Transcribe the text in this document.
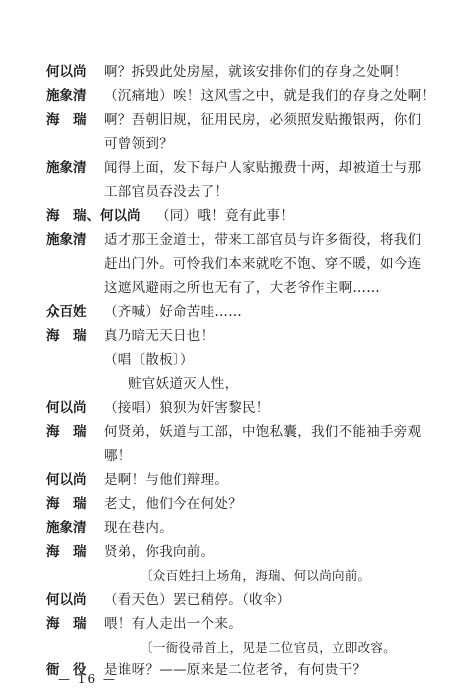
何以尚	啊？拆毁此处房屋，就该安排你们的存身之处啊！
施象清	（沉痛地）唉！这风雪之中，就是我们的存身之处啊！
海　瑞	啊？吾朝旧规，征用民房，必须照发贴搬银两，你们
可曾领到？
施象清	闻得上面，发下每户人家贴搬费十两，却被道士与那
工部官员吞没去了！
海　瑞、何以尚	（同）哦！竟有此事！
施象清	适才那王金道士，带来工部官员与许多衙役，将我们
赶出门外。可怜我们本来就吃不饱、穿不暖，如今连
这遮风避雨之所也无有了，大老爷作主啊……
众百姓	（齐喊）好命苦哇……
海　瑞	真乃暗无天日也！
（唱〔散板〕）
赃官妖道灭人性，
何以尚	（接唱）狼狈为奸害黎民！
海　瑞	何贤弟，妖道与工部，中饱私囊，我们不能袖手旁观
哪！
何以尚	是啊！与他们辩理。
海　瑞	老丈，他们今在何处？
施象清	现在巷内。
海　瑞	贤弟，你我向前。
〔众百姓扫上场角，海瑞、何以尚向前。
何以尚	（看天色）罢已稍停。（收伞）
海　瑞	喂！有人走出一个来。
〔一衙役帚首上，见是二位官员，立即改容。
衙　役	是谁呀？——原来是二位老爷，有何贵干？
— 16 —
